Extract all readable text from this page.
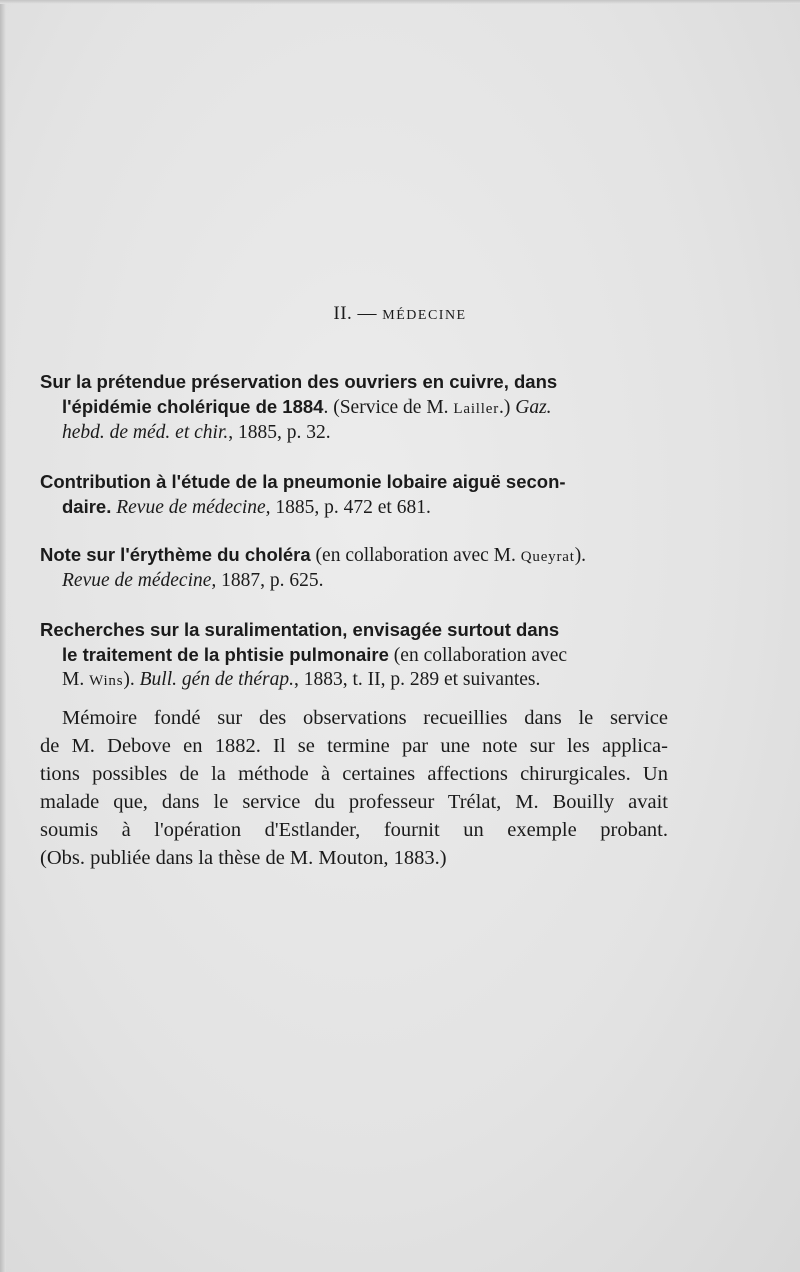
II. — MÉDECINE
Sur la prétendue préservation des ouvriers en cuivre, dans
l'épidémie cholérique de 1884. (Service de M. Lailler.) Gaz.
hebd. de méd. et chir., 1885, p. 32.
Contribution à l'étude de la pneumonie lobaire aiguë secon-
daire. Revue de médecine, 1885, p. 472 et 681.
Note sur l'érythème du choléra (en collaboration avec M. Queyrat).
Revue de médecine, 1887, p. 625.
Recherches sur la suralimentation, envisagée surtout dans
le traitement de la phtisie pulmonaire (en collaboration avec
M. Wins). Bull. gén de thérap., 1883, t. II, p. 289 et suivantes.
Mémoire fondé sur des observations recueillies dans le service
de M. Debove en 1882. Il se termine par une note sur les applica-
tions possibles de la méthode à certaines affections chirurgicales. Un
malade que, dans le service du professeur Trélat, M. Bouilly avait
soumis à l'opération d'Estlander, fournit un exemple probant.
(Obs. publiée dans la thèse de M. Mouton, 1883.)
